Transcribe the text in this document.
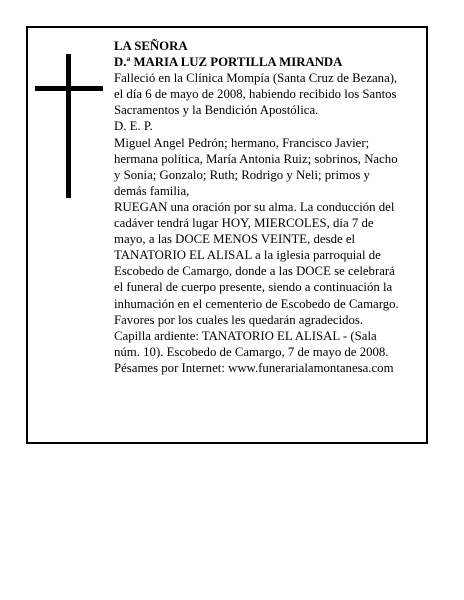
LA SEÑORA
D.ª MARIA LUZ PORTILLA MIRANDA
Falleció en la Clínica Mompía (Santa Cruz de Bezana),
el día 6 de mayo de 2008, habiendo recibido los Santos
Sacramentos y la Bendición Apostólica.
D. E. P.
Miguel Angel Pedrón; hermano, Francisco Javier;
hermana política, María Antonia Ruiz; sobrinos, Nacho
y Sonia; Gonzalo; Ruth; Rodrigo y Neli; primos y
demás familia,
RUEGAN una oración por su alma. La conducción del
cadáver tendrá lugar HOY, MIERCOLES, día 7 de
mayo, a las DOCE MENOS VEINTE, desde el
TANATORIO EL ALISAL a la iglesia parroquial de
Escobedo de Camargo, donde a las DOCE se celebrará
el funeral de cuerpo presente, siendo a continuación la
inhumación en el cementerio de Escobedo de Camargo.
Favores por los cuales les quedarán agradecidos.
Capilla ardiente: TANATORIO EL ALISAL - (Sala
núm. 10). Escobedo de Camargo, 7 de mayo de 2008.
Pésames por Internet: www.funerarialamontanesa.com
